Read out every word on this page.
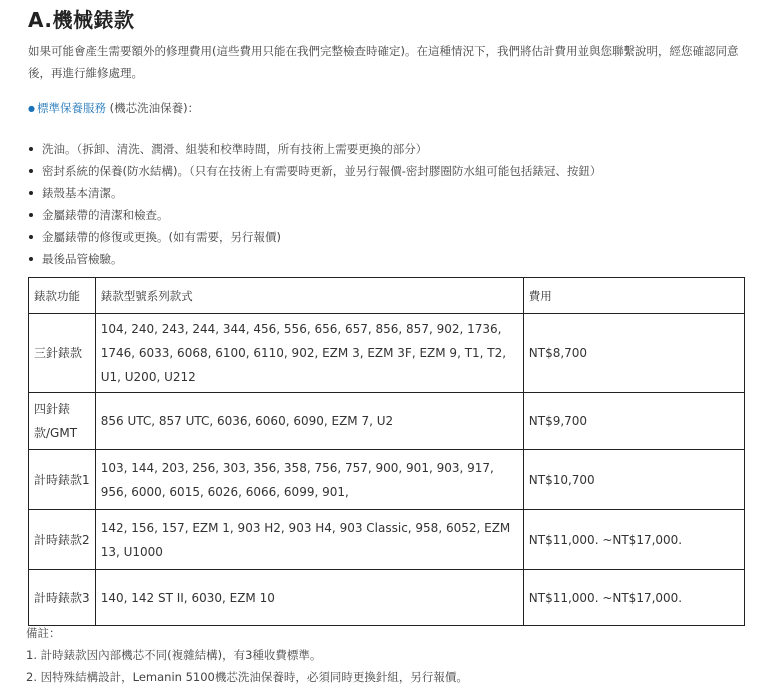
A.機械錶款
如果可能會產生需要額外的修理費用(這些費用只能在我們完整檢查時確定)。在這種情況下，我們將估計費用並與您聯繫說明，經您確認同意後，再進行維修處理。
● 標準保養服務 (機芯洗油保養)：
洗油。（拆卸、清洗、潤滑、組裝和校準時間，所有技術上需要更換的部分）
密封系統的保養(防水結構)。（只有在技術上有需要時更新，並另行報價-密封膠圈防水組可能包括錶冠、按鈕）
錶殼基本清潔。
金屬錶帶的清潔和檢查。
金屬錶帶的修復或更換。(如有需要，另行報價)
最後品管檢驗。
錶款功能	錶款型號系列款式	費用
三針錶款	104, 240, 243, 244, 344, 456, 556, 656, 657, 856, 857, 902, 1736, 1746, 6033, 6068, 6100, 6110, 902, EZM 3, EZM 3F, EZM 9, T1, T2, U1, U200, U212	NT$8,700
四針錶款/GMT	856 UTC, 857 UTC, 6036, 6060, 6090, EZM 7, U2	NT$9,700
計時錶款1	103, 144, 203, 256, 303, 356, 358, 756, 757, 900, 901, 903, 917, 956, 6000, 6015, 6026, 6066, 6099, 901,	NT$10,700
計時錶款2	142, 156, 157, EZM 1, 903 H2, 903 H4, 903 Classic, 958, 6052, EZM 13, U1000	NT$11,000. ~NT$17,000.
計時錶款3	140, 142 ST II, 6030, EZM 10	NT$11,000. ~NT$17,000.
備註：
1. 計時錶款因內部機芯不同(複雜結構)，有3種收費標準。
2. 因特殊結構設計，Lemanin 5100機芯洗油保養時，必須同時更換針組，另行報價。
